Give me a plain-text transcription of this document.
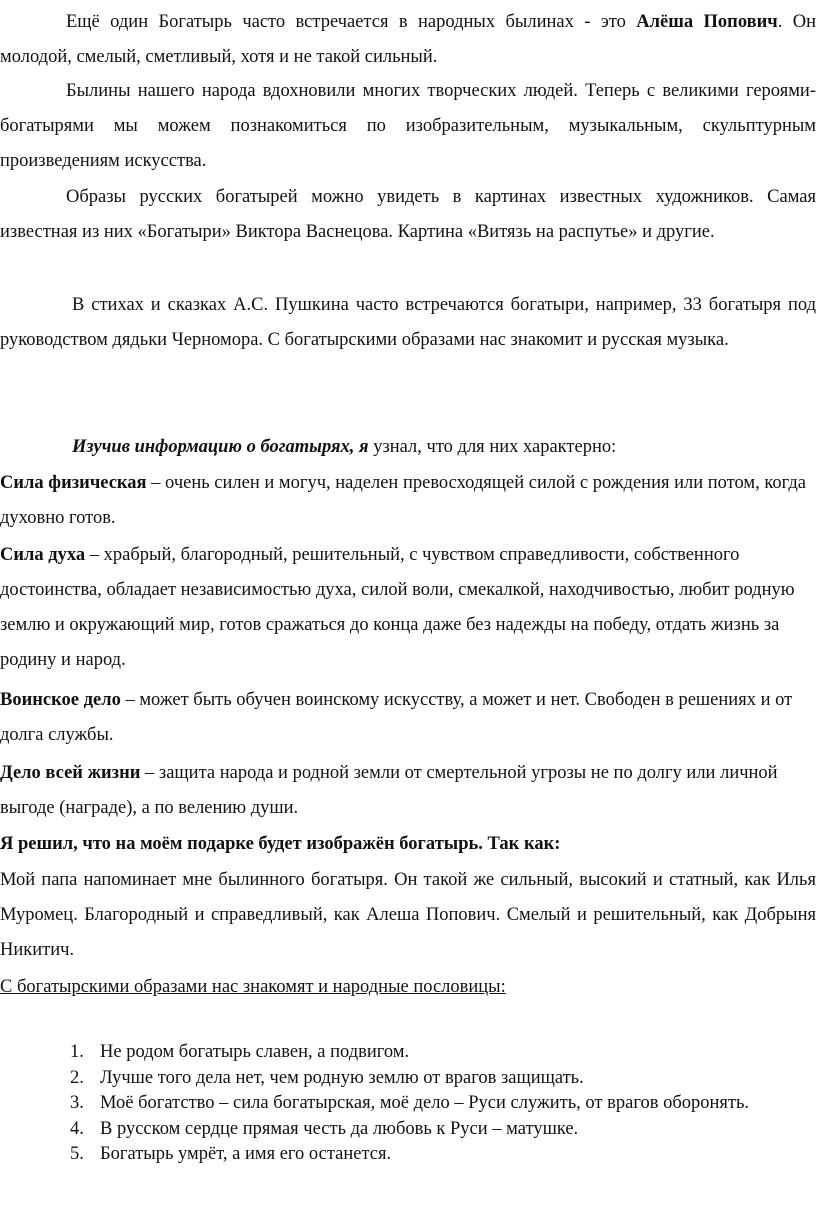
Ещё один Богатырь часто встречается в народных былинах - это Алёша Попович. Он молодой, смелый, сметливый, хотя и не такой сильный.

Былины нашего народа вдохновили многих творческих людей. Теперь с великими героями-богатырями мы можем познакомиться по изобразительным, музыкальным, скульптурным произведениям искусства.

Образы русских богатырей можно увидеть в картинах известных художников. Самая известная из них «Богатыри» Виктора Васнецова. Картина «Витязь на распутье» и другие.

В стихах и сказках А.С. Пушкина часто встречаются богатыри, например, 33 богатыря под руководством дядьки Черномора. С богатырскими образами нас знакомит и русская музыка.

Изучив информацию о богатырях, я узнал, что для них характерно:

Сила физическая – очень силен и могуч, наделен превосходящей силой с рождения или потом, когда духовно готов.

Сила духа – храбрый, благородный, решительный, с чувством справедливости, собственного достоинства, обладает независимостью духа, силой воли, смекалкой, находчивостью, любит родную землю и окружающий мир, готов сражаться до конца даже без надежды на победу, отдать жизнь за родину и народ.

Воинское дело – может быть обучен воинскому искусству, а может и нет. Свободен в решениях и от долга службы.

Дело всей жизни – защита народа и родной земли от смертельной угрозы не по долгу или личной выгоде (награде), а по велению души.

Я решил, что на моём подарке будет изображён богатырь. Так как:

Мой папа напоминает мне былинного богатыря. Он такой же сильный, высокий и статный, как Илья Муромец. Благородный и справедливый, как Алеша Попович. Смелый и решительный, как Добрыня Никитич.

С богатырскими образами нас знакомят и народные пословицы:

1. Не родом богатырь славен, а подвигом.
2. Лучше того дела нет, чем родную землю от врагов защищать.
3. Моё богатство – сила богатырская, моё дело – Руси служить, от врагов оборонять.
4. В русском сердце прямая честь да любовь к Руси – матушке.
5. Богатырь умрёт, а имя его останется.
